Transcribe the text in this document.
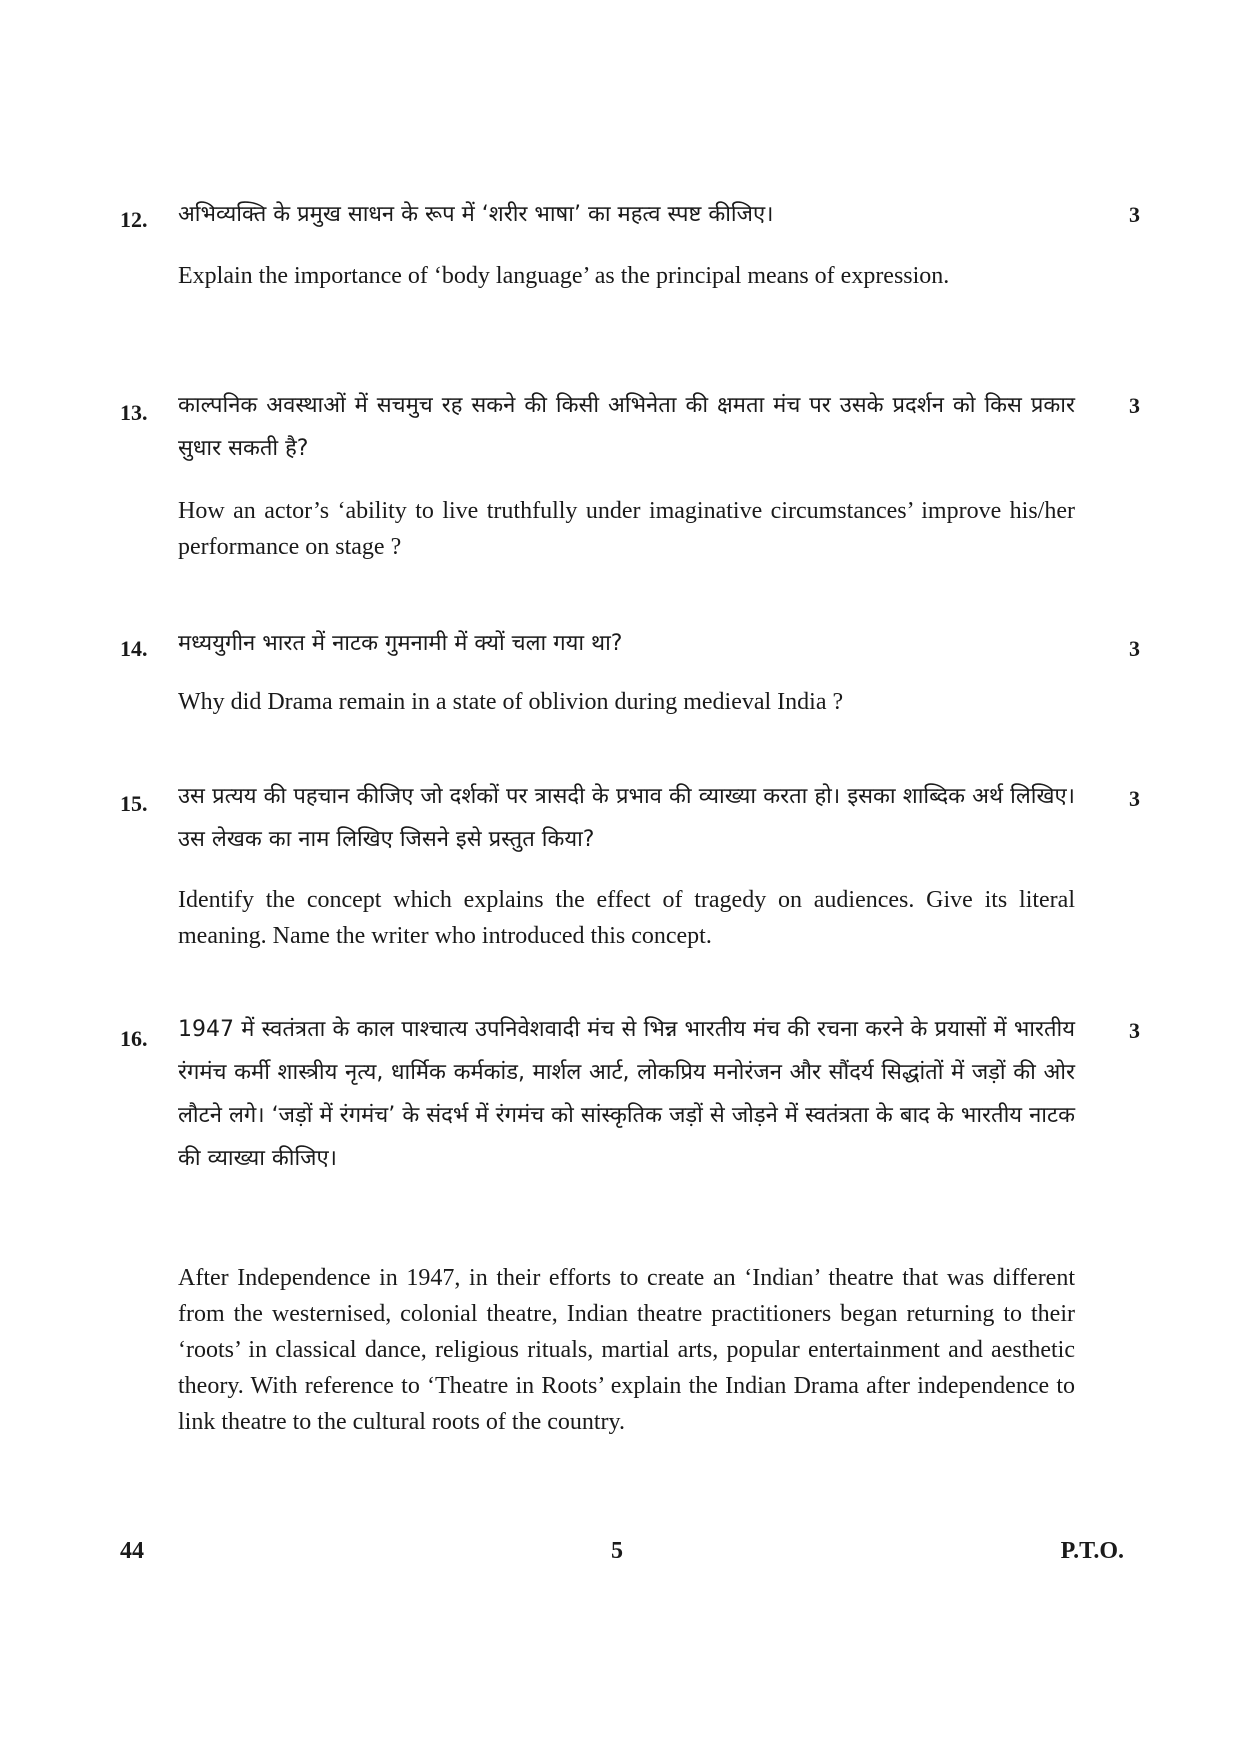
12.	3

अभिव्यक्ति के प्रमुख साधन के रूप में ‘शरीर भाषा’ का महत्व स्पष्ट कीजिए।

Explain the importance of ‘body language’ as the principal means of expression.

13.	3

काल्पनिक अवस्थाओं में सचमुच रह सकने की किसी अभिनेता की क्षमता मंच पर उसके प्रदर्शन को किस प्रकार सुधार सकती है?

How an actor’s ‘ability to live truthfully under imaginative circumstances’ improve his/her performance on stage ?

14.	3

मध्ययुगीन भारत में नाटक गुमनामी में क्यों चला गया था?

Why did Drama remain in a state of oblivion during medieval India ?

15.	3

उस प्रत्यय की पहचान कीजिए जो दर्शकों पर त्रासदी के प्रभाव की व्याख्या करता हो। इसका शाब्दिक अर्थ लिखिए। उस लेखक का नाम लिखिए जिसने इसे प्रस्तुत किया?

Identify the concept which explains the effect of tragedy on audiences. Give its literal meaning. Name the writer who introduced this concept.

16.	3

1947 में स्वतंत्रता के काल पाश्चात्य उपनिवेशवादी मंच से भिन्न भारतीय मंच की रचना करने के प्रयासों में भारतीय रंगमंच कर्मी शास्त्रीय नृत्य, धार्मिक कर्मकांड, मार्शल आर्ट, लोकप्रिय मनोरंजन और सौंदर्य सिद्धांतों में जड़ों की ओर लौटने लगे। ‘जड़ों में रंगमंच’ के संदर्भ में रंगमंच को सांस्कृतिक जड़ों से जोड़ने में स्वतंत्रता के बाद के भारतीय नाटक की व्याख्या कीजिए।

After Independence in 1947, in their efforts to create an ‘Indian’ theatre that was different from the westernised, colonial theatre, Indian theatre practitioners began returning to their ‘roots’ in classical dance, religious rituals, martial arts, popular entertainment and aesthetic theory. With reference to ‘Theatre in Roots’ explain the Indian Drama after independence to link theatre to the cultural roots of the country.

44	5	P.T.O.
